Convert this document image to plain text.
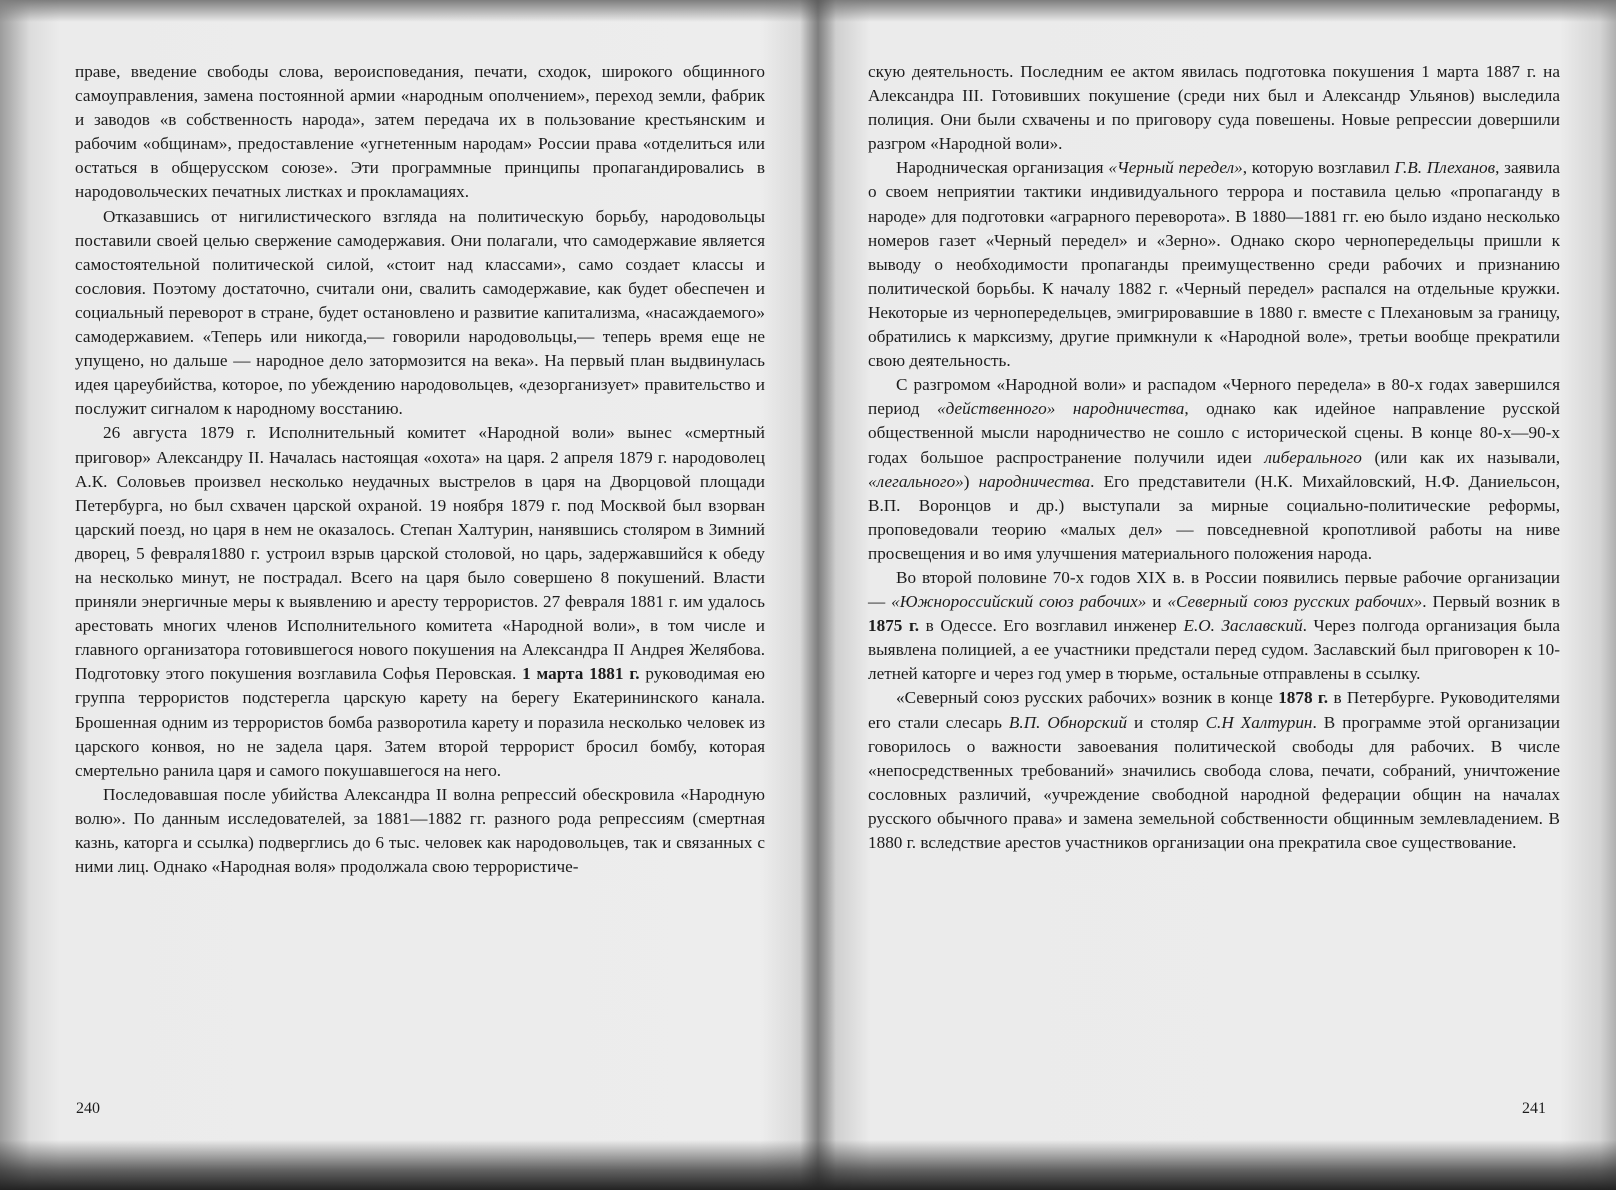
праве, введение свободы слова, вероисповедания, печати, сходок, широкого общинного самоуправления, замена постоянной армии «народным ополчением», переход земли, фабрик и заводов «в собственность народа», затем передача их в пользование крестьянским и рабочим «общинам», предоставление «угнетенным народам» России права «отделиться или остаться в общерусском союзе». Эти программные принципы пропагандировались в народовольческих печатных листках и прокламациях.

Отказавшись от нигилистического взгляда на политическую борьбу, народовольцы поставили своей целью свержение самодержавия. Они полагали, что самодержавие является самостоятельной политической силой, «стоит над классами», само создает классы и сословия. Поэтому достаточно, считали они, свалить самодержавие, как будет обеспечен и социальный переворот в стране, будет остановлено и развитие капитализма, «насаждаемого» самодержавием. «Теперь или никогда,— говорили народовольцы,— теперь время еще не упущено, но дальше — народное дело затормозится на века». На первый план выдвинулась идея цареубийства, которое, по убеждению народовольцев, «дезорганизует» правительство и послужит сигналом к народному восстанию.

26 августа 1879 г. Исполнительный комитет «Народной воли» вынес «смертный приговор» Александру II. Началась настоящая «охота» на царя. 2 апреля 1879 г. народоволец А.К. Соловьев произвел несколько неудачных выстрелов в царя на Дворцовой площади Петербурга, но был схвачен царской охраной. 19 ноября 1879 г. под Москвой был взорван царский поезд, но царя в нем не оказалось. Степан Халтурин, нанявшись столяром в Зимний дворец, 5 февраля1880 г. устроил взрыв царской столовой, но царь, задержавшийся к обеду на несколько минут, не пострадал. Всего на царя было совершено 8 покушений. Власти приняли энергичные меры к выявлению и аресту террористов. 27 февраля 1881 г. им удалось арестовать многих членов Исполнительного комитета «Народной воли», в том числе и главного организатора готовившегося нового покушения на Александра II Андрея Желябова. Подготовку этого покушения возглавила Софья Перовская. 1 марта 1881 г. руководимая ею группа террористов подстерегла царскую карету на берегу Екатерининского канала. Брошенная одним из террористов бомба разворотила карету и поразила несколько человек из царского конвоя, но не задела царя. Затем второй террорист бросил бомбу, которая смертельно ранила царя и самого покушавшегося на него.

Последовавшая после убийства Александра II волна репрессий обескровила «Народную волю». По данным исследователей, за 1881—1882 гг. разного рода репрессиям (смертная казнь, каторга и ссылка) подверглись до 6 тыс. человек как народовольцев, так и связанных с ними лиц. Однако «Народная воля» продолжала свою террористиче-

240

скую деятельность. Последним ее актом явилась подготовка покушения 1 марта 1887 г. на Александра III. Готовивших покушение (среди них был и Александр Ульянов) выследила полиция. Они были схвачены и по приговору суда повешены. Новые репрессии довершили разгром «Народной воли».

Народническая организация «Черный передел», которую возглавил Г.В. Плеханов, заявила о своем неприятии тактики индивидуального террора и поставила целью «пропаганду в народе» для подготовки «аграрного переворота». В 1880—1881 гг. ею было издано несколько номеров газет «Черный передел» и «Зерно». Однако скоро чернопередельцы пришли к выводу о необходимости пропаганды преимущественно среди рабочих и признанию политической борьбы. К началу 1882 г. «Черный передел» распался на отдельные кружки. Некоторые из чернопередельцев, эмигрировавшие в 1880 г. вместе с Плехановым за границу, обратились к марксизму, другие примкнули к «Народной воле», третьи вообще прекратили свою деятельность.

С разгромом «Народной воли» и распадом «Черного передела» в 80-х годах завершился период «действенного» народничества, однако как идейное направление русской общественной мысли народничество не сошло с исторической сцены. В конце 80-х—90-х годах большое распространение получили идеи либерального (или как их называли, «легального») народничества. Его представители (Н.К. Михайловский, Н.Ф. Даниельсон, В.П. Воронцов и др.) выступали за мирные социально-политические реформы, проповедовали теорию «малых дел» — повседневной кропотливой работы на ниве просвещения и во имя улучшения материального положения народа.

Во второй половине 70-х годов XIX в. в России появились первые рабочие организации — «Южнороссийский союз рабочих» и «Северный союз русских рабочих». Первый возник в 1875 г. в Одессе. Его возглавил инженер Е.О. Заславский. Через полгода организация была выявлена полицией, а ее участники предстали перед судом. Заславский был приговорен к 10-летней каторге и через год умер в тюрьме, остальные отправлены в ссылку.

«Северный союз русских рабочих» возник в конце 1878 г. в Петербурге. Руководителями его стали слесарь В.П. Обнорский и столяр С.Н Халтурин. В программе этой организации говорилось о важности завоевания политической свободы для рабочих. В числе «непосредственных требований» значились свобода слова, печати, собраний, уничтожение сословных различий, «учреждение свободной народной федерации общин на началах русского обычного права» и замена земельной собственности общинным землевладением. В 1880 г. вследствие арестов участников организации она прекратила свое существование.

241
